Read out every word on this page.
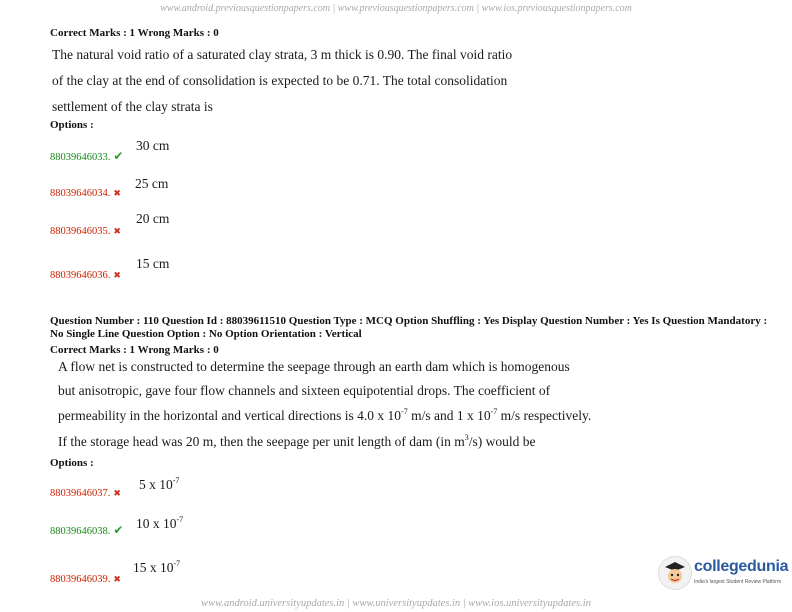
www.android.previousquestionpapers.com | www.previousquestionpapers.com | www.ios.previousquestionpapers.com
Correct Marks : 1 Wrong Marks : 0
The natural void ratio of a saturated clay strata, 3 m thick is 0.90. The final void ratio
of the clay at the end of consolidation is expected to be 0.71. The total consolidation
settlement of the clay strata is
Options :
88039646033. ✔
30 cm
88039646034. ✖
25 cm
88039646035. ✖
20 cm
88039646036. ✖
15 cm
Question Number : 110 Question Id : 88039611510 Question Type : MCQ Option Shuffling : Yes Display Question Number : Yes Is Question Mandatory : No Single Line Question Option : No Option Orientation : Vertical
Correct Marks : 1 Wrong Marks : 0
A flow net is constructed to determine the seepage through an earth dam which is homogenous
but anisotropic, gave four flow channels and sixteen equipotential drops. The coefficient of
permeability in the horizontal and vertical directions is 4.0 x $10^{-7}$ m/s and 1 x $10^{-7}$ m/s respectively.
If the storage head was 20 m, then the seepage per unit length of dam (in $m^3/s$) would be
Options :
88039646037. ✖
5 x $10^{-7}$
88039646038. ✔ 10 x $10^{-7}$
88039646039. ✖
15 x $10^{-7}$	collegedunia
India's largest Student Review Platform
www.android.universityupdates.in | www.universityupdates.in | www.ios.universityupdates.in
